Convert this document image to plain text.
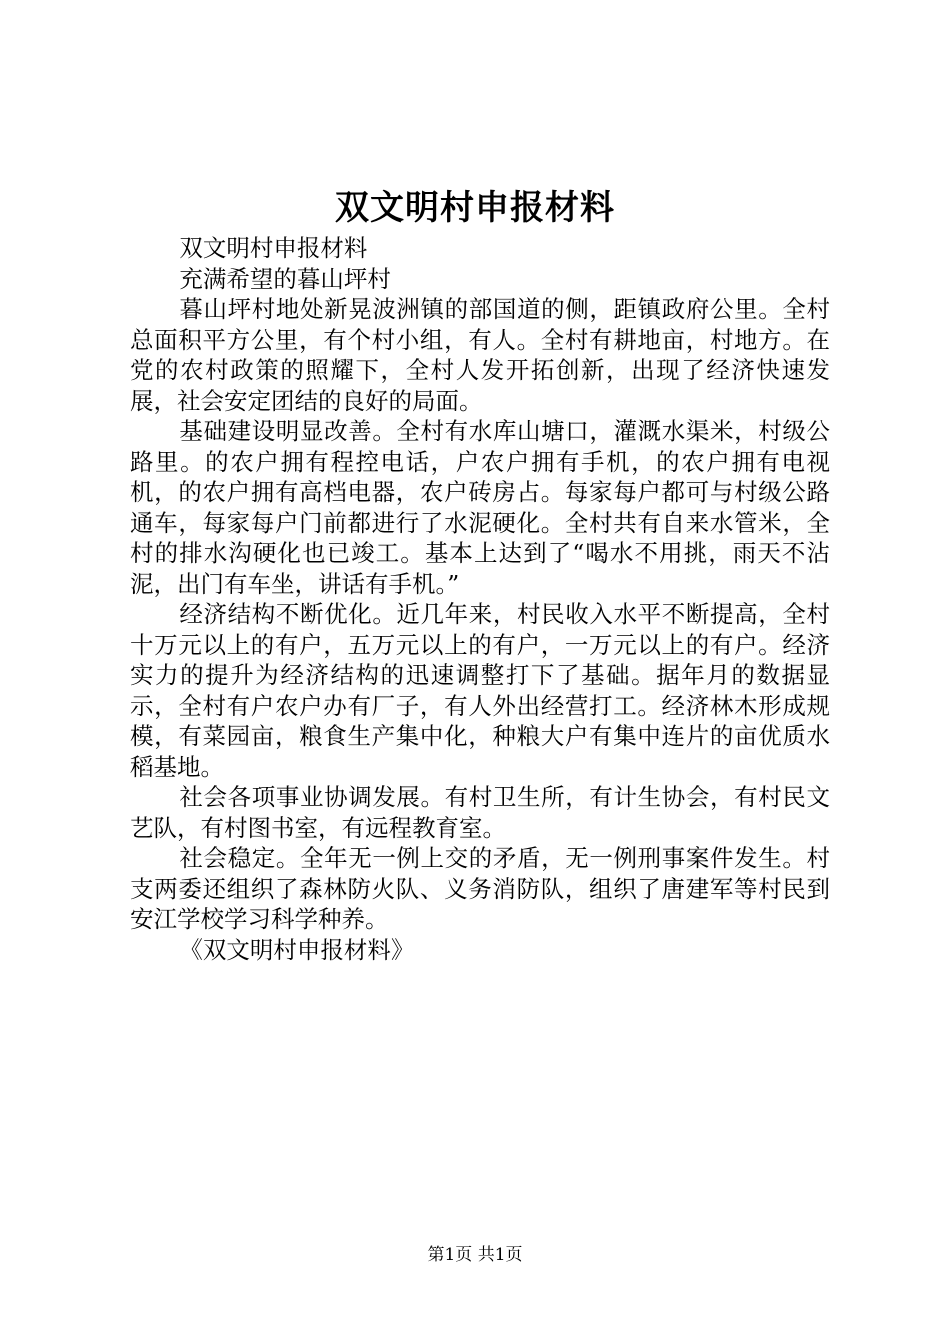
双文明村申报材料

双文明村申报材料

充满希望的暮山坪村

暮山坪村地处新晃波洲镇的部国道的侧，距镇政府公里。全村总面积平方公里，有个村小组，有人。全村有耕地亩，村地方。在党的农村政策的照耀下，全村人发开拓创新，出现了经济快速发展，社会安定团结的良好的局面。

基础建设明显改善。全村有水库山塘口，灌溉水渠米，村级公路里。的农户拥有程控电话，户农户拥有手机，的农户拥有电视机，的农户拥有高档电器，农户砖房占。每家每户都可与村级公路通车，每家每户门前都进行了水泥硬化。全村共有自来水管米，全村的排水沟硬化也已竣工。基本上达到了“喝水不用挑，雨天不沾泥，出门有车坐，讲话有手机。”

经济结构不断优化。近几年来，村民收入水平不断提高，全村十万元以上的有户，五万元以上的有户，一万元以上的有户。经济实力的提升为经济结构的迅速调整打下了基础。据年月的数据显示，全村有户农户办有厂子，有人外出经营打工。经济林木形成规模，有菜园亩，粮食生产集中化，种粮大户有集中连片的亩优质水稻基地。

社会各项事业协调发展。有村卫生所，有计生协会，有村民文艺队，有村图书室，有远程教育室。

社会稳定。全年无一例上交的矛盾，无一例刑事案件发生。村支两委还组织了森林防火队、义务消防队，组织了唐建军等村民到安江学校学习科学种养。

《双文明村申报材料》

第1页 共1页
